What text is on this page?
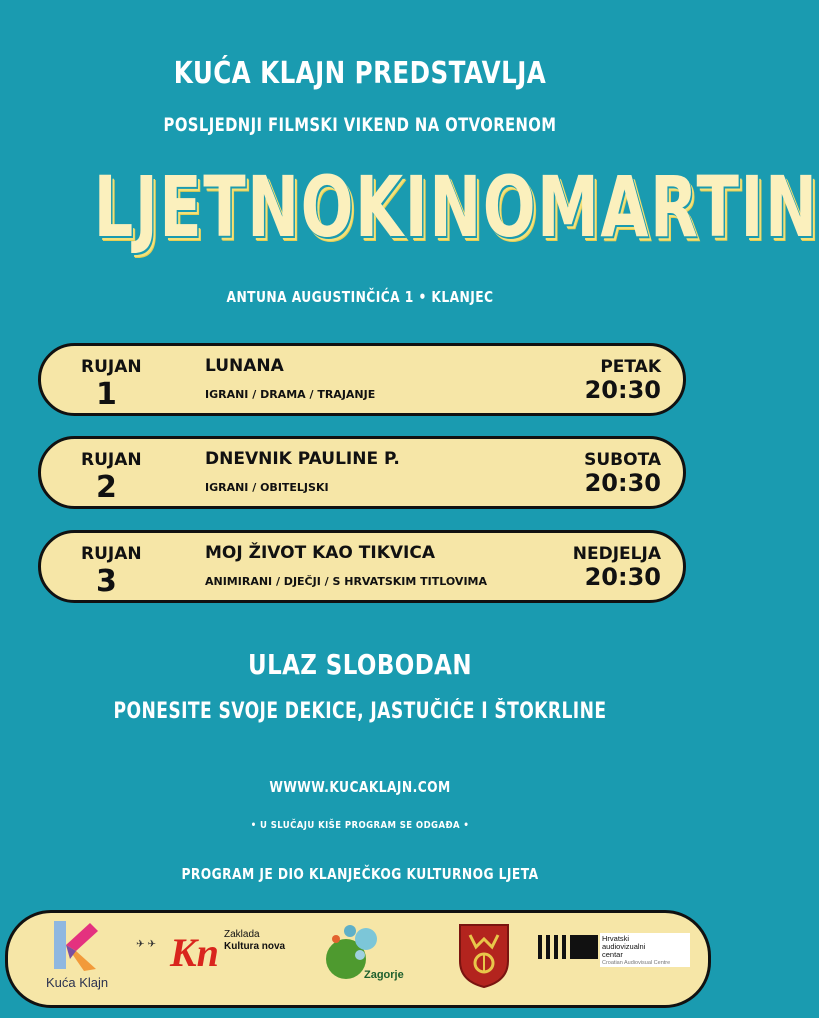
KUĆA KLAJN PREDSTAVLJA
POSLJEDNJI FILMSKI VIKEND NA OTVORENOM
LJETNOKINOMARTIN
ANTUNA AUGUSTINČIĆA 1 • KLANJEC
RUJAN
1
LUNANA
IGRANI / DRAMA / TRAJANJE
PETAK
20:30
RUJAN
2
DNEVNIK PAULINE P.
IGRANI / OBITELJSKI
SUBOTA
20:30
RUJAN
3
MOJ ŽIVOT KAO TIKVICA
ANIMIRANI / DJEČJI / S HRVATSKIM TITLOVIMA
NEDJELJA
20:30
ULAZ SLOBODAN
PONESITE SVOJE DEKICE, JASTUČIĆE I ŠTOKRLINE
WWWW.KUCAKLAJN.COM
• U SLUČAJU KIŠE PROGRAM SE ODGAĐA •
PROGRAM JE DIO KLANJEČKOG KULTURNOG LJETA
Kuća Klajn
✈ ✈ Kn Zaklada
Kultura nova
Zagorje
Hrvatski
audiovizualni
centar
Croatian Audiovisual Centre
